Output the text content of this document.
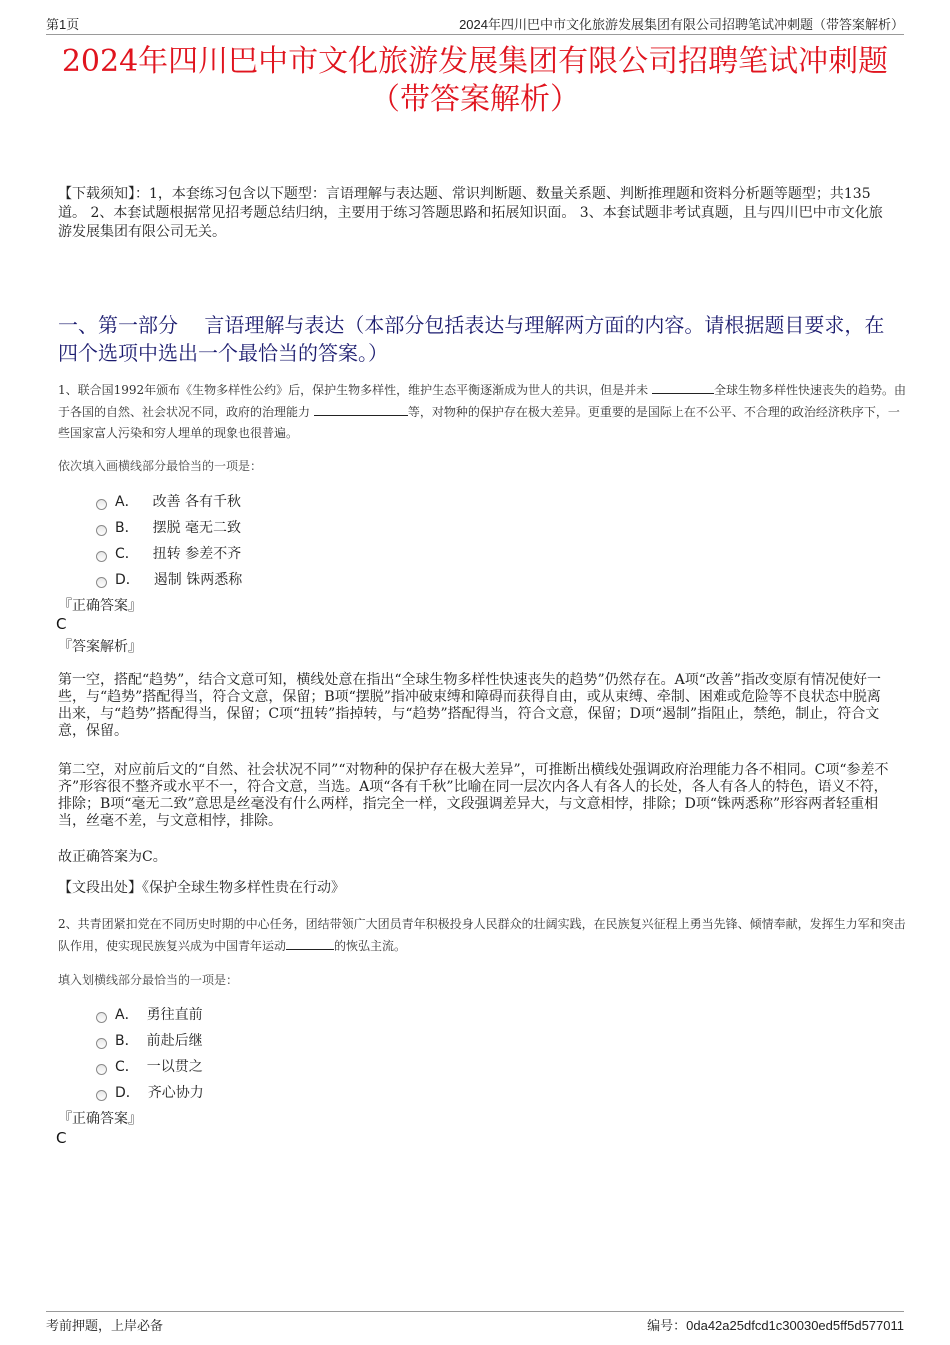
第1页	2024年四川巴中市文化旅游发展集团有限公司招聘笔试冲刺题（带答案解析）
2024年四川巴中市文化旅游发展集团有限公司招聘笔试冲刺题
（带答案解析）
【下载须知】：1，本套练习包含以下题型：言语理解与表达题、常识判断题、数量关系题、判断推理题和资料分析题等题型；共135道。 2、本套试题根据常见招考题总结归纳，主要用于练习答题思路和拓展知识面。 3、本套试题非考试真题，且与四川巴中市文化旅游发展集团有限公司无关。
一、第一部分　 言语理解与表达（本部分包括表达与理解两方面的内容。请根据题目要求，在四个选项中选出一个最恰当的答案。）
1、联合国1992年颁布《生物多样性公约》后，保护生物多样性，维护生态平衡逐渐成为世人的共识，但是并未	全球生物多样性快速丧失的趋势。由于各国的自然、社会状况不同，政府的治理能力	等，对物种的保护存在极大差异。更重要的是国际上在不公平、不合理的政治经济秩序下，一些国家富人污染和穷人埋单的现象也很普遍。
依次填入画横线部分最恰当的一项是：
A． 改善 各有千秋
B． 摆脱 毫无二致
C． 扭转 参差不齐
D． 遏制 铢两悉称
『正确答案』
C
『答案解析』
第一空，搭配“趋势”，结合文意可知，横线处意在指出“全球生物多样性快速丧失的趋势”仍然存在。A项“改善”指改变原有情况使好一些，与“趋势”搭配得当，符合文意，保留；B项“摆脱”指冲破束缚和障碍而获得自由，或从束缚、牵制、困难或危险等不良状态中脱离出来，与“趋势”搭配得当，保留；C项“扭转”指掉转，与“趋势”搭配得当，符合文意，保留；D项“遏制”指阻止，禁绝，制止，符合文意，保留。
第二空，对应前后文的“自然、社会状况不同”“对物种的保护存在极大差异”，可推断出横线处强调政府治理能力各不相同。C项“参差不齐”形容很不整齐或水平不一，符合文意，当选。A项“各有千秋”比喻在同一层次内各人有各人的长处，各人有各人的特色，语义不符，排除；B项“毫无二致”意思是丝毫没有什么两样，指完全一样，文段强调差异大，与文意相悖，排除；D项“铢两悉称”形容两者轻重相当，丝毫不差，与文意相悖，排除。
故正确答案为C。
【文段出处】《保护全球生物多样性贵在行动》
2、共青团紧扣党在不同历史时期的中心任务，团结带领广大团员青年积极投身人民群众的壮阔实践，在民族复兴征程上勇当先锋、倾情奉献，发挥生力军和突击队作用，使实现民族复兴成为中国青年运动	的恢弘主流。
填入划横线部分最恰当的一项是：
A． 勇往直前
B． 前赴后继
C． 一以贯之
D． 齐心协力
『正确答案』
C
考前押题，上岸必备	编号：0da42a25dfcd1c30030ed5ff5d577011
